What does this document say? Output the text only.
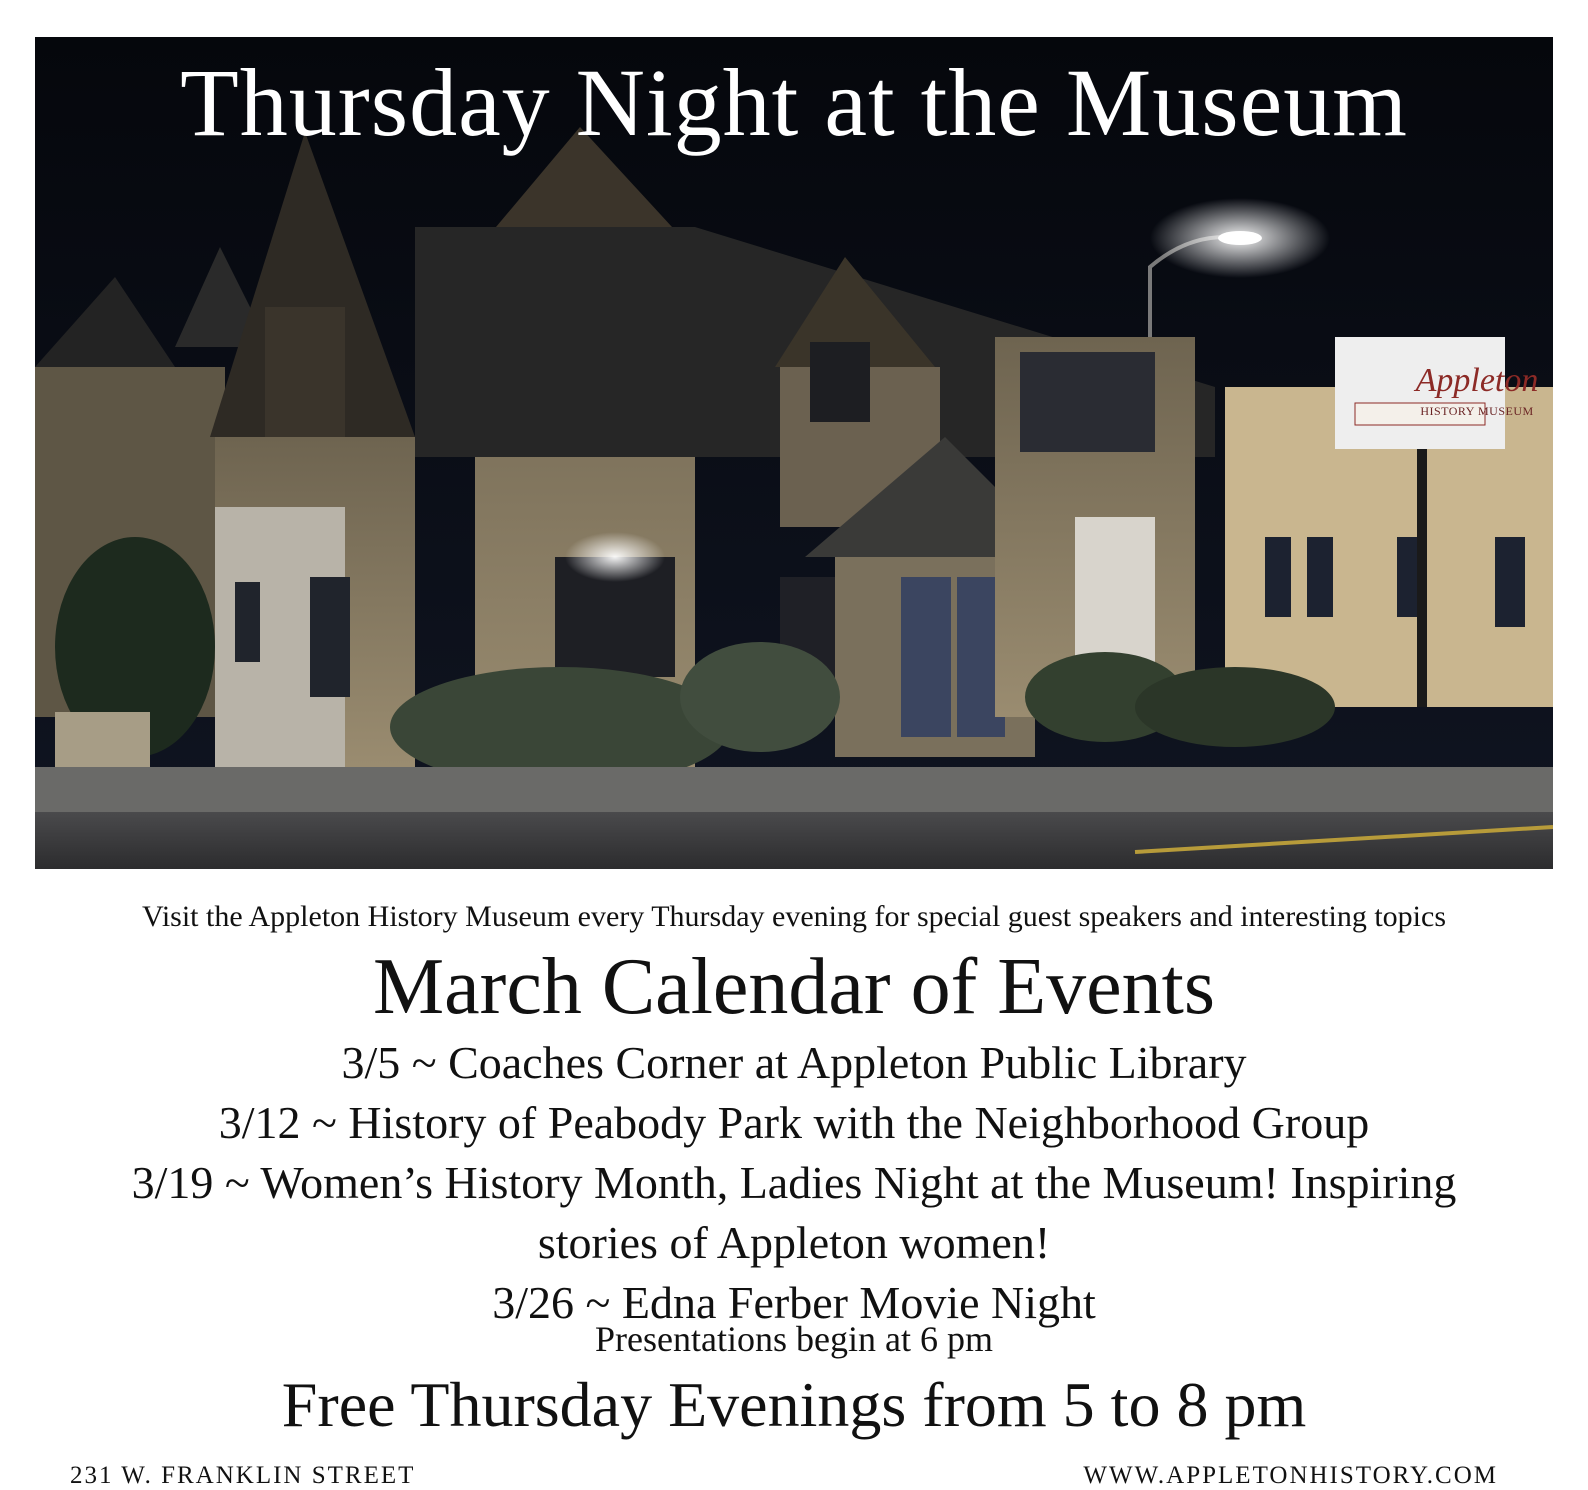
Thursday Night at the Museum
Appleton
HISTORY MUSEUM
Visit the Appleton History Museum every Thursday evening for special guest speakers and interesting topics
March Calendar of Events
3/5 ~ Coaches Corner at Appleton Public Library
3/12 ~ History of Peabody Park with the Neighborhood Group
3/19 ~ Women’s History Month, Ladies Night at the Museum! Inspiring
stories of Appleton women!
3/26 ~ Edna Ferber Movie Night
Presentations begin at 6 pm
Free Thursday Evenings from 5 to 8 pm
231 W. FRANKLIN STREET	WWW.APPLETONHISTORY.COM
